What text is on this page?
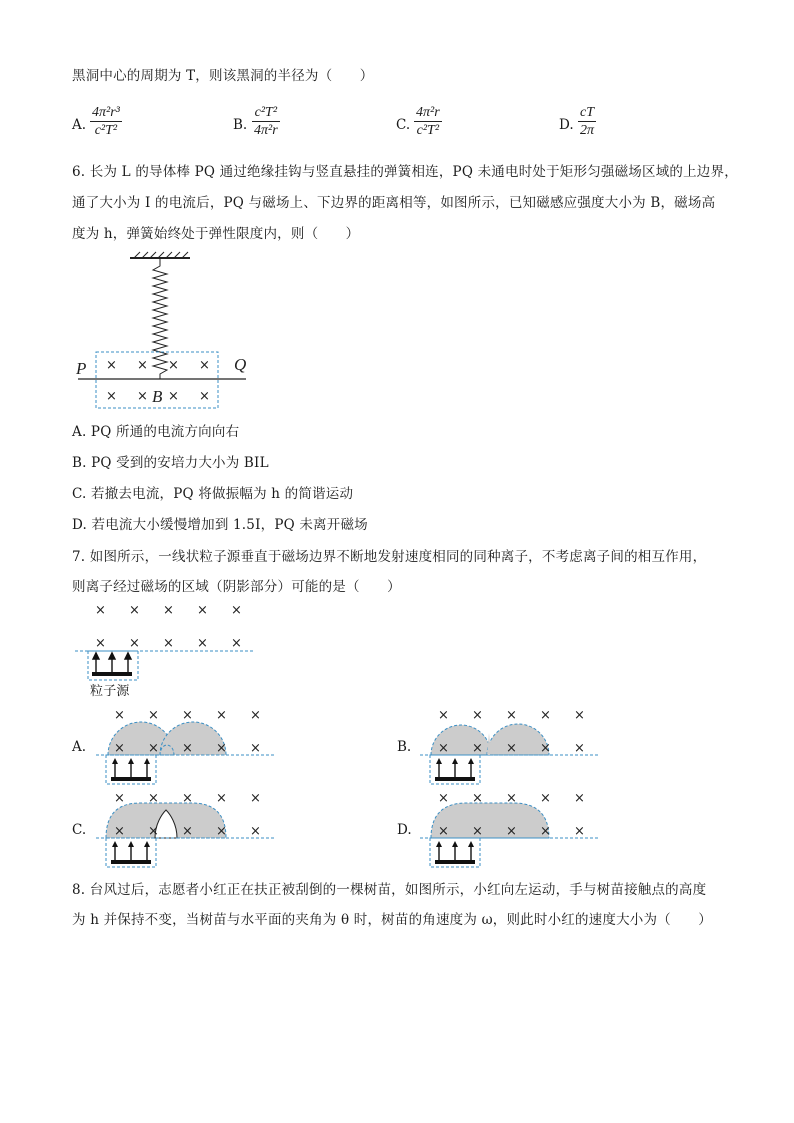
黑洞中心的周期为 T，则该黑洞的半径为（　　）
A. $\frac{\text{4π²r³}}{\text{c²T²}}$	B. $\frac{\text{c²T²}}{\text{4π²r}}$	C. $\frac{\text{4π²r}}{\text{c²T²}}$	D. $\frac{cT}{2\pi}$
6. 长为 L 的导体棒 PQ 通过绝缘挂钩与竖直悬挂的弹簧相连，PQ 未通电时处于矩形匀强磁场区域的上边界，
通了大小为 I 的电流后，PQ 与磁场上、下边界的距离相等，如图所示，已知磁感应强度大小为 B，磁场高
度为 h，弹簧始终处于弹性限度内，则（　　）
× × × ×
× × × ×
P	Q
B
A. PQ 所通的电流方向向右
B. PQ 受到的安培力大小为 BIL
C. 若撤去电流，PQ 将做振幅为 h 的简谐运动
D. 若电流大小缓慢增加到 1.5I，PQ 未离开磁场
7. 如图所示，一线状粒子源垂直于磁场边界不断地发射速度相同的同种离子，不考虑离子间的相互作用，
则离子经过磁场的区域（阴影部分）可能的是（　　）
× × × × ×
× × × × ×
粒子源
A.	B.
C.	D.
× × × × ×
× × × × ×
× × × × ×
× × × × ×
× × × × ×
× × × × ×
× × × × ×
× × × × ×
8. 台风过后，志愿者小红正在扶正被刮倒的一棵树苗，如图所示，小红向左运动，手与树苗接触点的高度
为 h 并保持不变，当树苗与水平面的夹角为 θ 时，树苗的角速度为 ω，则此时小红的速度大小为（　　）
